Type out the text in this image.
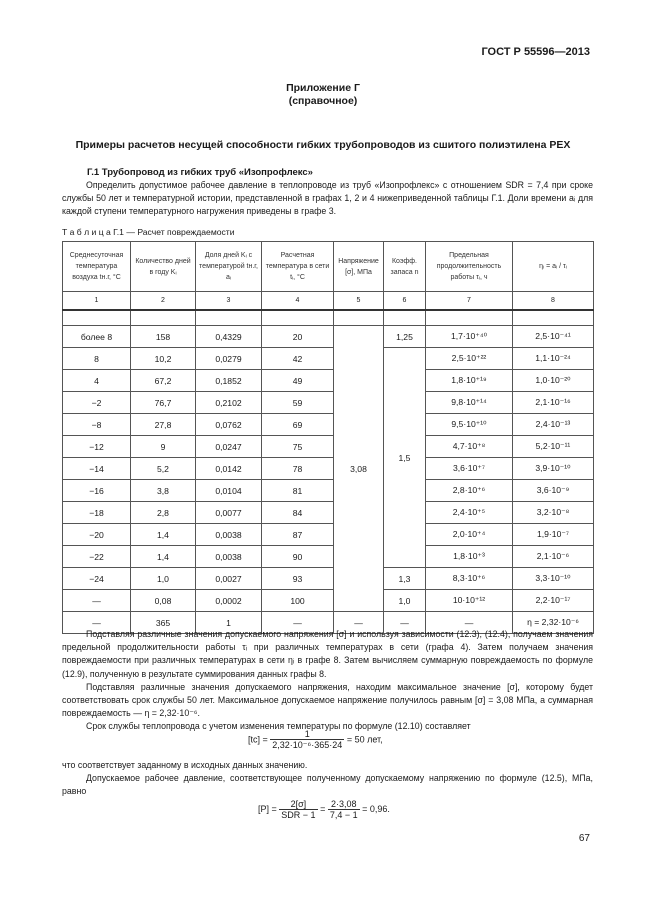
ГОСТ Р 55596—2013
Приложение Г
(справочное)
Примеры расчетов несущей способности гибких трубопроводов из сшитого полиэтилена PEX
Г.1 Трубопровод из гибких труб «Изопрофлекс»

Определить допустимое рабочее давление в теплопроводе из труб «Изопрофлекс» с отношением SDR = 7,4 при сроке службы 50 лет и температурной истории, представленной в графах 1, 2 и 4 нижеприведенной таблицы Г.1. Доли времени aᵢ для каждой ступени температурного нагружения приведены в графе 3.

Т а б л и ц а Г.1 — Расчет повреждаемости
Среднесуточная температура воздуха tн.г, °С	Количество дней в году Kᵢ	Доля дней Kᵢ с температурой tн.г, aᵢ	Расчетная температура в сети tᵢ, °С	Напряжение [σ], МПа	Коэфф. запаса n	Предельная продолжительность работы τᵢ, ч	ηᵢ = aᵢ / τᵢ
1	2	3	4	5	6	7	8

более 8	158	0,4329	20	3,08	1,25	1,7·10⁺⁴⁰	2,5·10⁻⁴¹
8	10,2	0,0279	42		1,5	2,5·10⁺²²	1,1·10⁻²⁴
4	67,2	0,1852	49			1,8·10⁺¹⁹	1,0·10⁻²⁰
−2	76,7	0,2102	59			9,8·10⁺¹⁴	2,1·10⁻¹⁶
−8	27,8	0,0762	69			9,5·10⁺¹⁰	2,4·10⁻¹³
−12	9	0,0247	75			4,7·10⁺⁸	5,2·10⁻¹¹
−14	5,2	0,0142	78			3,6·10⁺⁷	3,9·10⁻¹⁰
−16	3,8	0,0104	81			2,8·10⁺⁶	3,6·10⁻⁹
−18	2,8	0,0077	84			2,4·10⁺⁵	3,2·10⁻⁸
−20	1,4	0,0038	87			2,0·10⁺⁴	1,9·10⁻⁷
−22	1,4	0,0038	90			1,8·10⁺³	2,1·10⁻⁶
−24	1,0	0,0027	93		1,3	8,3·10⁺⁶	3,3·10⁻¹⁰
—	0,08	0,0002	100		1,0	10·10⁺¹²	2,2·10⁻¹⁷
—	365	1	—	—	—	—	η = 2,32·10⁻⁶

Подставляя различные значения допускаемого напряжения [σ] и используя зависимости (12.3), (12.4), получаем значения предельной продолжительности работы τᵢ при различных температурах в сети (графа 4). Затем получаем значения повреждаемости при различных температурах в сети ηᵢ в графе 8. Затем вычисляем суммарную повреждаемость по формуле (12.9), полученную в результате суммирования данных графы 8.

Подставляя различные значения допускаемого напряжения, находим максимальное значение [σ], которому будет соответствовать срок службы 50 лет. Максимальное допускаемое напряжение получилось равным [σ] = 3,08 МПа, а суммарная повреждаемость — η = 2,32·10⁻⁶.

Срок службы теплопровода с учетом изменения температуры по формуле (12.10) составляет

$[tс] = \frac{1}{\text{2,32·10⁻⁶·365·24}} = 50$ лет,

что соответствует заданному в исходных данных значению.

Допускаемое рабочее давление, соответствующее полученному допускаемому напряжению по формуле (12.5), МПа, равно

$[P] = \frac{2[\sigma]}{\text{SDR − 1}} = \frac{2\cdot 3,08}{7,4 - 1} = 0,96$.
67
